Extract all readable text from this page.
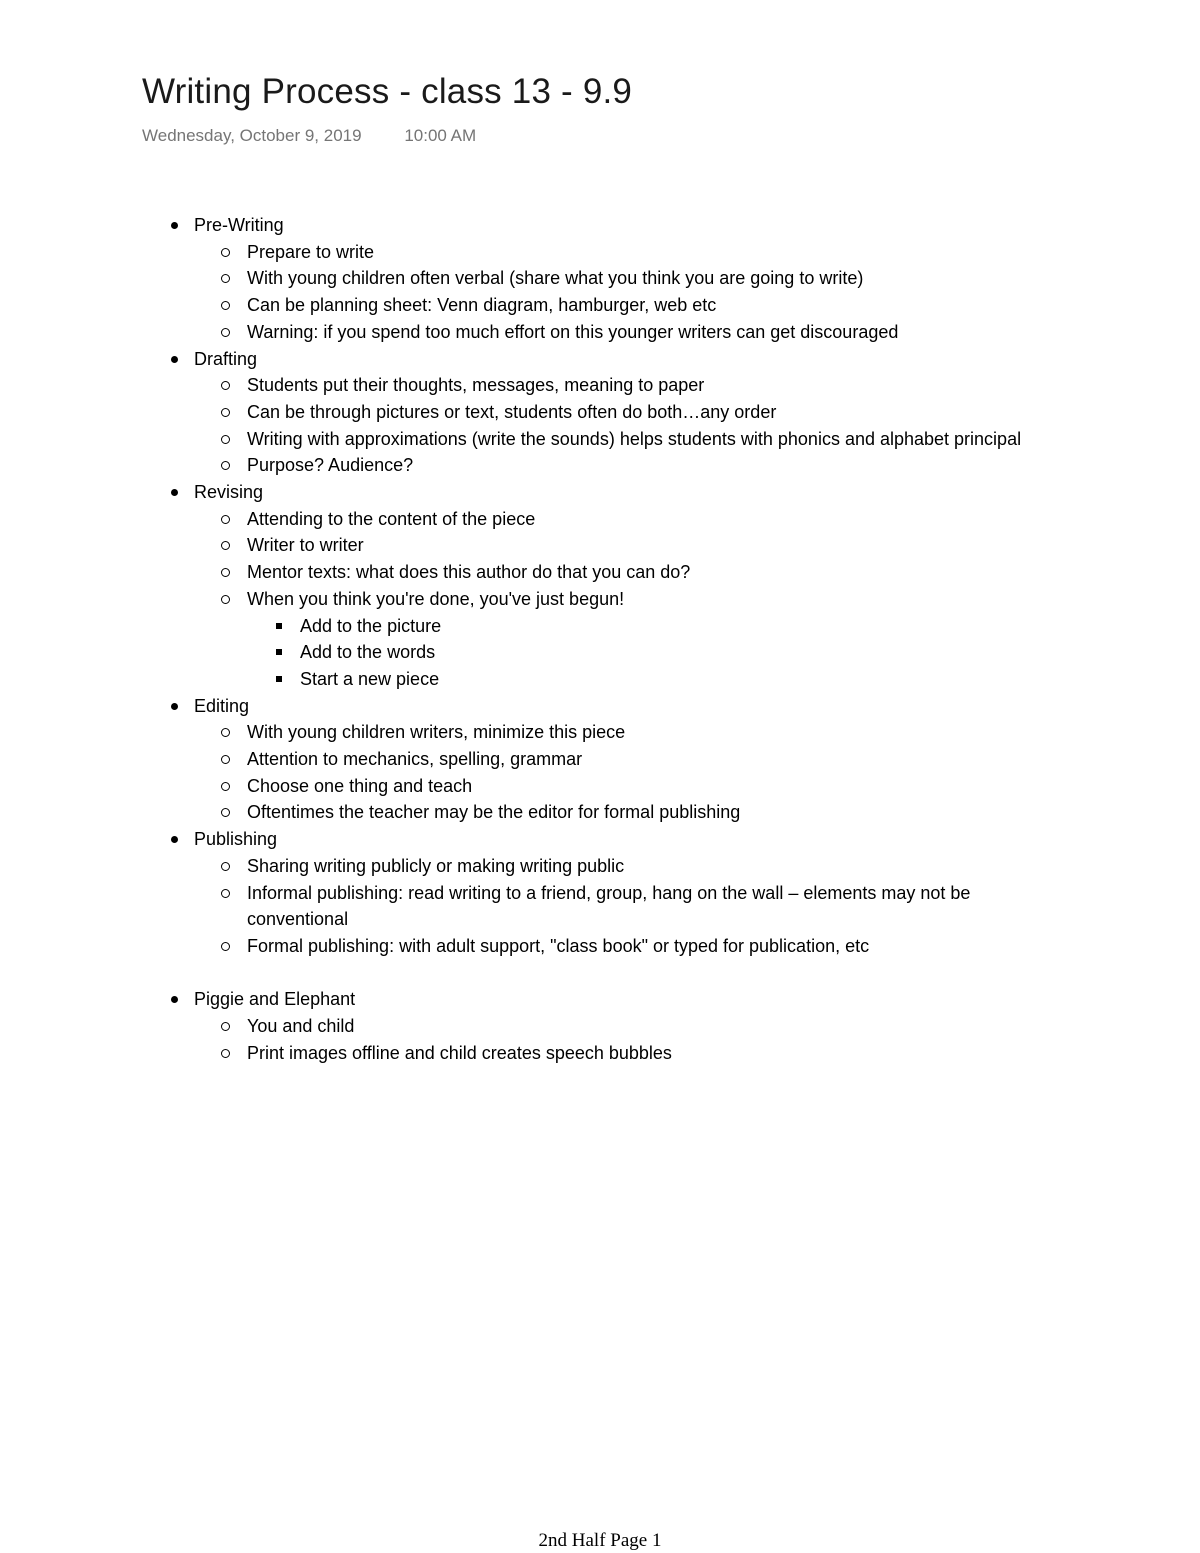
Writing Process - class 13 - 9.9
Wednesday, October 9, 2019	10:00 AM
Pre-Writing
Prepare to write
With young children often verbal (share what you think you are going to write)
Can be planning sheet: Venn diagram, hamburger, web etc
Warning: if you spend too much effort on this younger writers can get discouraged
Drafting
Students put their thoughts, messages, meaning to paper
Can be through pictures or text, students often do both…any order
Writing with approximations (write the sounds) helps students with phonics and alphabet principal
Purpose? Audience?
Revising
Attending to the content of the piece
Writer to writer
Mentor texts: what does this author do that you can do?
When you think you're done, you've just begun!
Add to the picture
Add to the words
Start a new piece
Editing
With young children writers, minimize this piece
Attention to mechanics, spelling, grammar
Choose one thing and teach
Oftentimes the teacher may be the editor for formal publishing
Publishing
Sharing writing publicly or making writing public
Informal publishing: read writing to a friend, group, hang on the wall – elements may not be conventional
Formal publishing: with adult support, "class book" or typed for publication, etc
Piggie and Elephant
You and child
Print images offline and child creates speech bubbles
2nd Half Page 1
